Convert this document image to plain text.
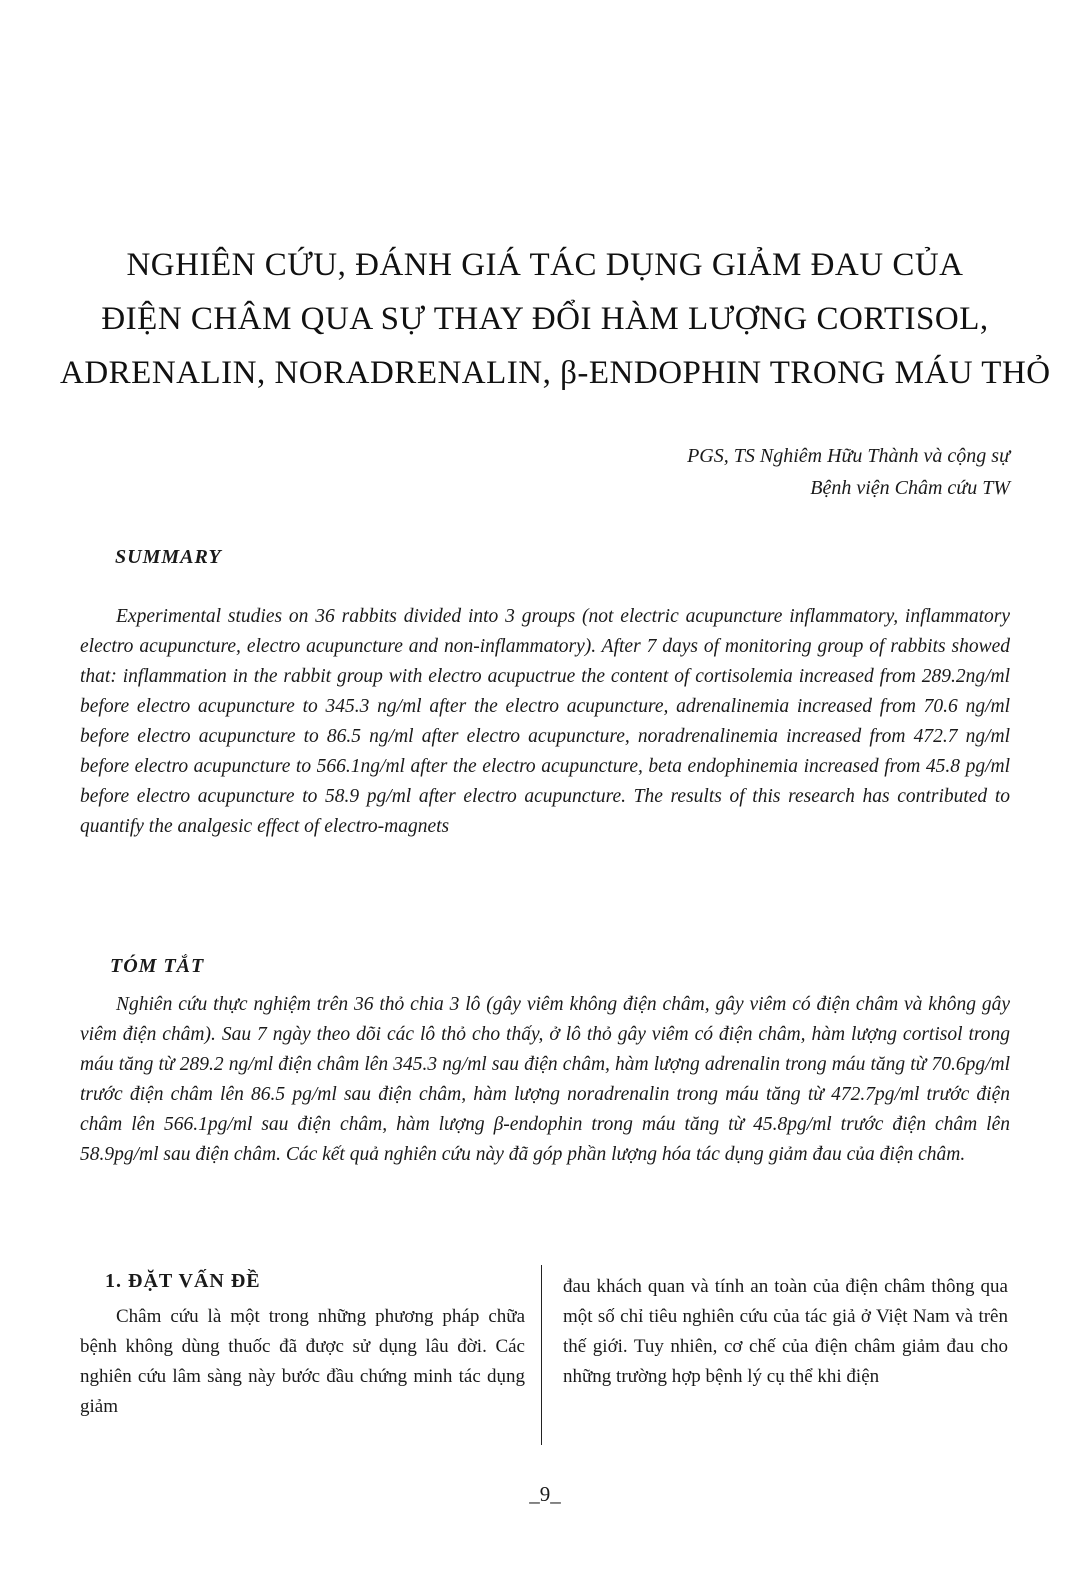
NGHIÊN CỨU, ĐÁNH GIÁ TÁC DỤNG GIẢM ĐAU CỦA
ĐIỆN CHÂM QUA SỰ THAY ĐỔI HÀM LƯỢNG CORTISOL,
ADRENALIN, NORADRENALIN, β-ENDOPHIN TRONG MÁU THỎ
PGS, TS Nghiêm Hữu Thành và cộng sự
Bệnh viện Châm cứu TW
SUMMARY

Experimental studies on 36 rabbits divided into 3 groups (not electric acupuncture inflammatory, inflammatory electro acupuncture, electro acupuncture and non-inflammatory). After 7 days of monitoring group of rabbits showed that: inflammation in the rabbit group with electro acupuctrue the content of cortisolemia increased from 289.2ng/ml before electro acupuncture to 345.3 ng/ml after the electro acupuncture, adrenalinemia increased from 70.6 ng/ml before electro acupuncture to 86.5 ng/ml after electro acupuncture, noradrenalinemia increased from 472.7 ng/ml before electro acupuncture to 566.1ng/ml after the electro acupuncture, beta endophinemia increased from 45.8 pg/ml before electro acupuncture to 58.9 pg/ml after electro acupuncture. The results of this research has contributed to quantify the analgesic effect of electro-magnets

TÓM TẮT

Nghiên cứu thực nghiệm trên 36 thỏ chia 3 lô (gây viêm không điện châm, gây viêm có điện châm và không gây viêm điện châm). Sau 7 ngày theo dõi các lô thỏ cho thấy, ở lô thỏ gây viêm có điện châm, hàm lượng cortisol trong máu tăng từ 289.2 ng/ml điện châm lên 345.3 ng/ml sau điện châm, hàm lượng adrenalin trong máu tăng từ 70.6pg/ml trước điện châm lên 86.5 pg/ml sau điện châm, hàm lượng noradrenalin trong máu tăng từ 472.7pg/ml trước điện châm lên 566.1pg/ml sau điện châm, hàm lượng β-endophin trong máu tăng từ 45.8pg/ml trước điện châm lên 58.9pg/ml sau điện châm. Các kết quả nghiên cứu này đã góp phần lượng hóa tác dụng giảm đau của điện châm.

1. ĐẶT VẤN ĐỀ

Châm cứu là một trong những phương pháp chữa bệnh không dùng thuốc đã được sử dụng lâu đời. Các nghiên cứu lâm sàng này bước đầu chứng minh tác dụng giảm

đau khách quan và tính an toàn của điện châm thông qua một số chỉ tiêu nghiên cứu của tác giả ở Việt Nam và trên thế giới. Tuy nhiên, cơ chế của điện châm giảm đau cho những trường hợp bệnh lý cụ thể khi điện

_9_
